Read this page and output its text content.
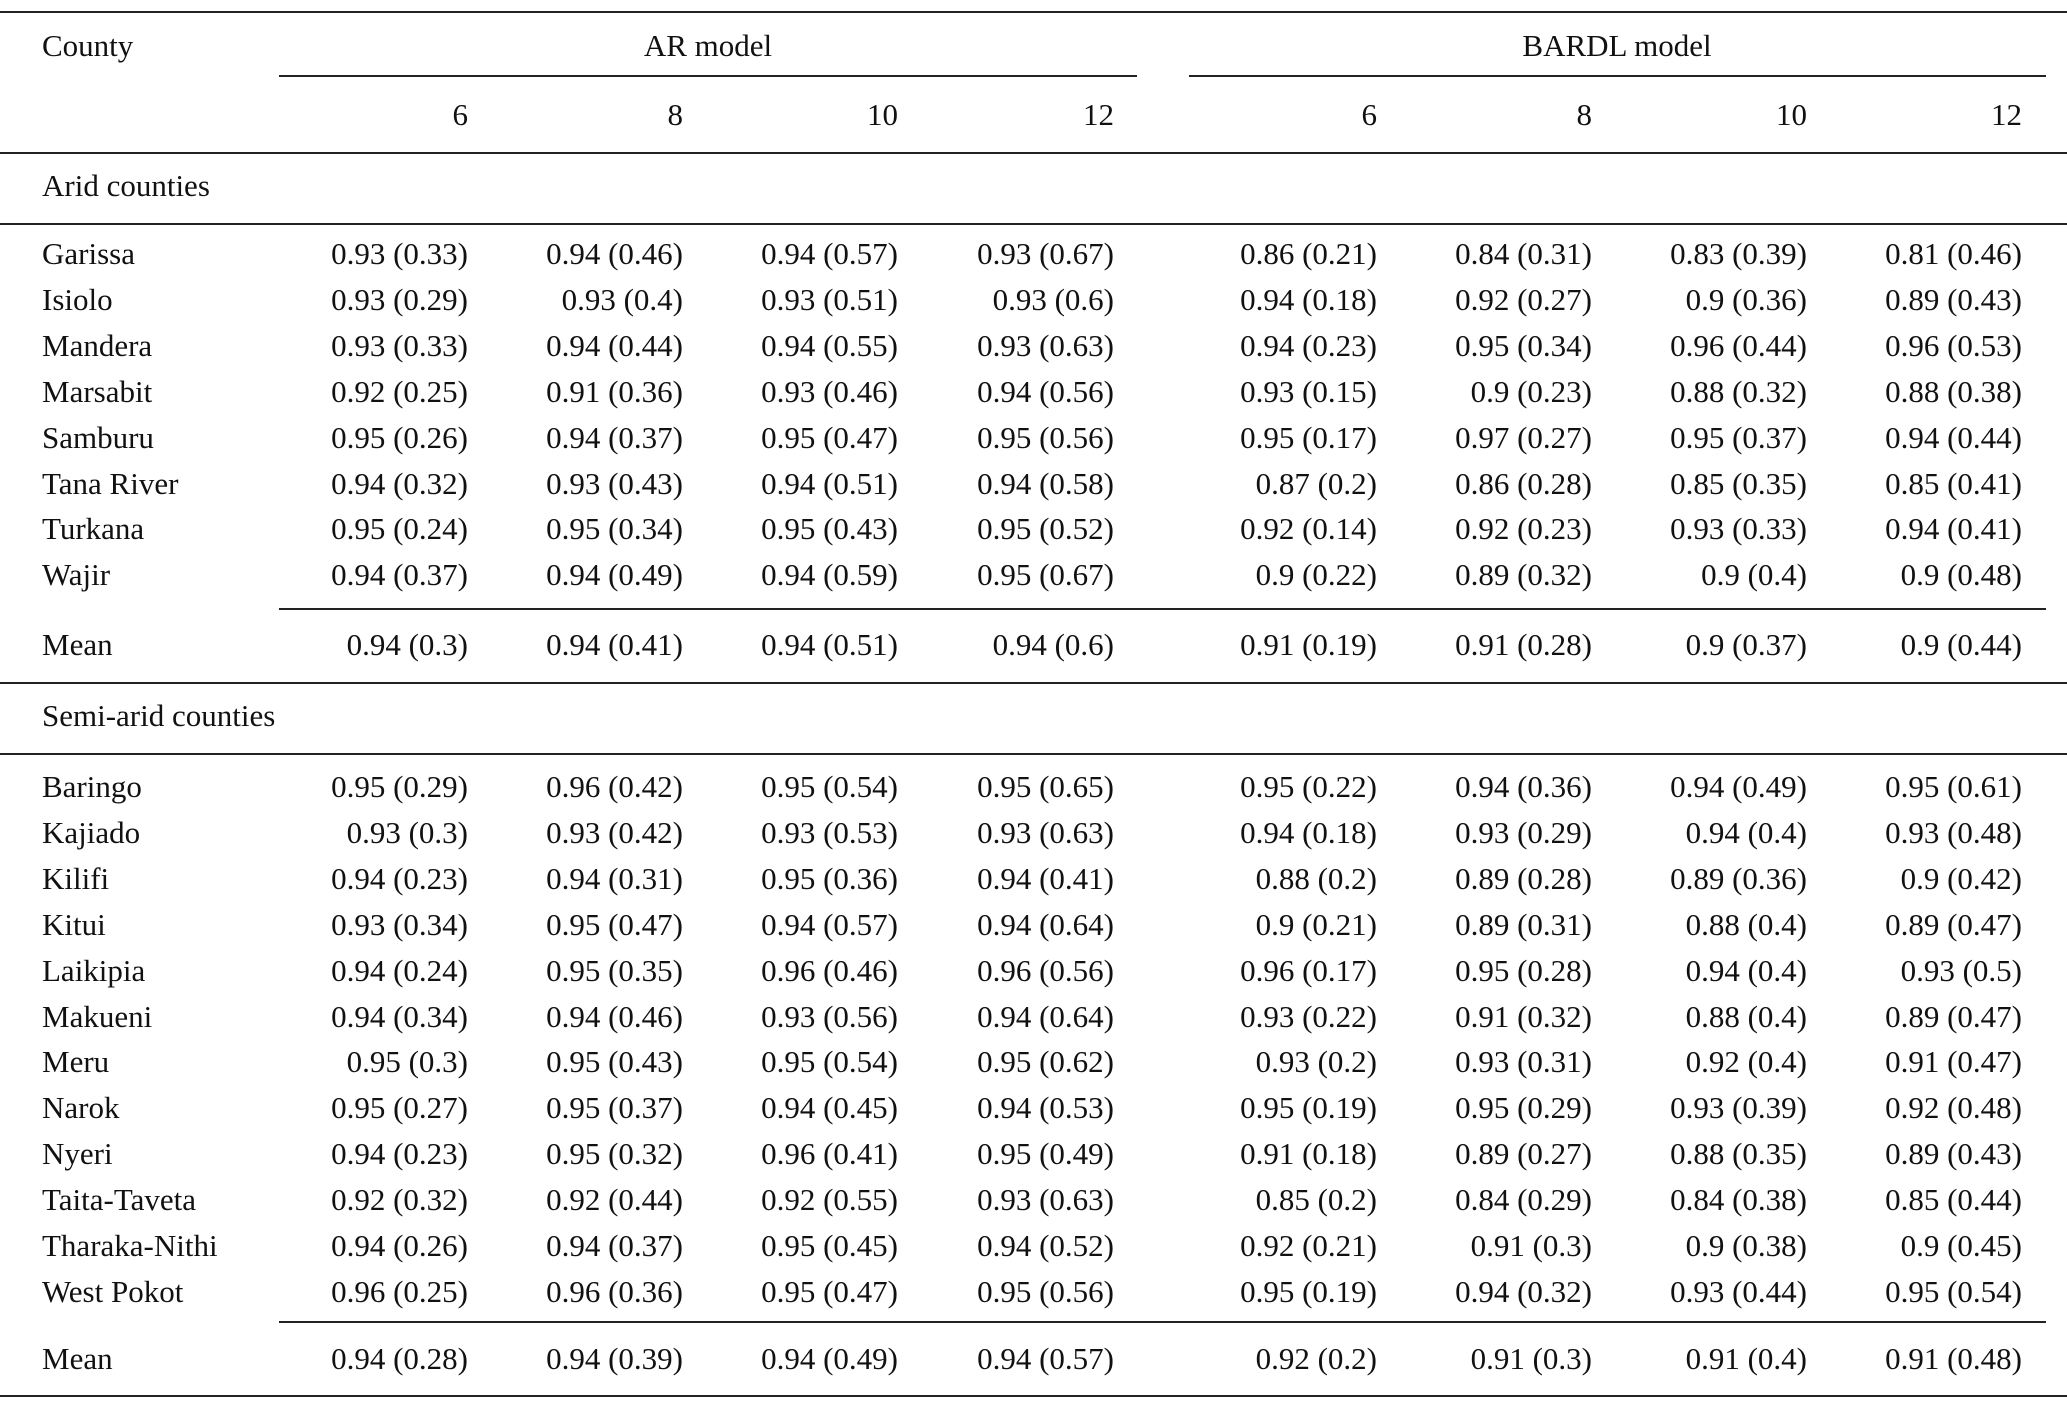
County	AR model	BARDL model
6	8	10	12	6	8	10	12
Arid counties
Garissa	0.93 (0.33)	0.94 (0.46)	0.94 (0.57)	0.93 (0.67)	0.86 (0.21)	0.84 (0.31)	0.83 (0.39)	0.81 (0.46)
Isiolo	0.93 (0.29)	0.93 (0.4)	0.93 (0.51)	0.93 (0.6)	0.94 (0.18)	0.92 (0.27)	0.9 (0.36)	0.89 (0.43)
Mandera	0.93 (0.33)	0.94 (0.44)	0.94 (0.55)	0.93 (0.63)	0.94 (0.23)	0.95 (0.34)	0.96 (0.44)	0.96 (0.53)
Marsabit	0.92 (0.25)	0.91 (0.36)	0.93 (0.46)	0.94 (0.56)	0.93 (0.15)	0.9 (0.23)	0.88 (0.32)	0.88 (0.38)
Samburu	0.95 (0.26)	0.94 (0.37)	0.95 (0.47)	0.95 (0.56)	0.95 (0.17)	0.97 (0.27)	0.95 (0.37)	0.94 (0.44)
Tana River	0.94 (0.32)	0.93 (0.43)	0.94 (0.51)	0.94 (0.58)	0.87 (0.2)	0.86 (0.28)	0.85 (0.35)	0.85 (0.41)
Turkana	0.95 (0.24)	0.95 (0.34)	0.95 (0.43)	0.95 (0.52)	0.92 (0.14)	0.92 (0.23)	0.93 (0.33)	0.94 (0.41)
Wajir	0.94 (0.37)	0.94 (0.49)	0.94 (0.59)	0.95 (0.67)	0.9 (0.22)	0.89 (0.32)	0.9 (0.4)	0.9 (0.48)
Mean	0.94 (0.3)	0.94 (0.41)	0.94 (0.51)	0.94 (0.6)	0.91 (0.19)	0.91 (0.28)	0.9 (0.37)	0.9 (0.44)
Semi-arid counties
Baringo	0.95 (0.29)	0.96 (0.42)	0.95 (0.54)	0.95 (0.65)	0.95 (0.22)	0.94 (0.36)	0.94 (0.49)	0.95 (0.61)
Kajiado	0.93 (0.3)	0.93 (0.42)	0.93 (0.53)	0.93 (0.63)	0.94 (0.18)	0.93 (0.29)	0.94 (0.4)	0.93 (0.48)
Kilifi	0.94 (0.23)	0.94 (0.31)	0.95 (0.36)	0.94 (0.41)	0.88 (0.2)	0.89 (0.28)	0.89 (0.36)	0.9 (0.42)
Kitui	0.93 (0.34)	0.95 (0.47)	0.94 (0.57)	0.94 (0.64)	0.9 (0.21)	0.89 (0.31)	0.88 (0.4)	0.89 (0.47)
Laikipia	0.94 (0.24)	0.95 (0.35)	0.96 (0.46)	0.96 (0.56)	0.96 (0.17)	0.95 (0.28)	0.94 (0.4)	0.93 (0.5)
Makueni	0.94 (0.34)	0.94 (0.46)	0.93 (0.56)	0.94 (0.64)	0.93 (0.22)	0.91 (0.32)	0.88 (0.4)	0.89 (0.47)
Meru	0.95 (0.3)	0.95 (0.43)	0.95 (0.54)	0.95 (0.62)	0.93 (0.2)	0.93 (0.31)	0.92 (0.4)	0.91 (0.47)
Narok	0.95 (0.27)	0.95 (0.37)	0.94 (0.45)	0.94 (0.53)	0.95 (0.19)	0.95 (0.29)	0.93 (0.39)	0.92 (0.48)
Nyeri	0.94 (0.23)	0.95 (0.32)	0.96 (0.41)	0.95 (0.49)	0.91 (0.18)	0.89 (0.27)	0.88 (0.35)	0.89 (0.43)
Taita-Taveta	0.92 (0.32)	0.92 (0.44)	0.92 (0.55)	0.93 (0.63)	0.85 (0.2)	0.84 (0.29)	0.84 (0.38)	0.85 (0.44)
Tharaka-Nithi	0.94 (0.26)	0.94 (0.37)	0.95 (0.45)	0.94 (0.52)	0.92 (0.21)	0.91 (0.3)	0.9 (0.38)	0.9 (0.45)
West Pokot	0.96 (0.25)	0.96 (0.36)	0.95 (0.47)	0.95 (0.56)	0.95 (0.19)	0.94 (0.32)	0.93 (0.44)	0.95 (0.54)
Mean	0.94 (0.28)	0.94 (0.39)	0.94 (0.49)	0.94 (0.57)	0.92 (0.2)	0.91 (0.3)	0.91 (0.4)	0.91 (0.48)
